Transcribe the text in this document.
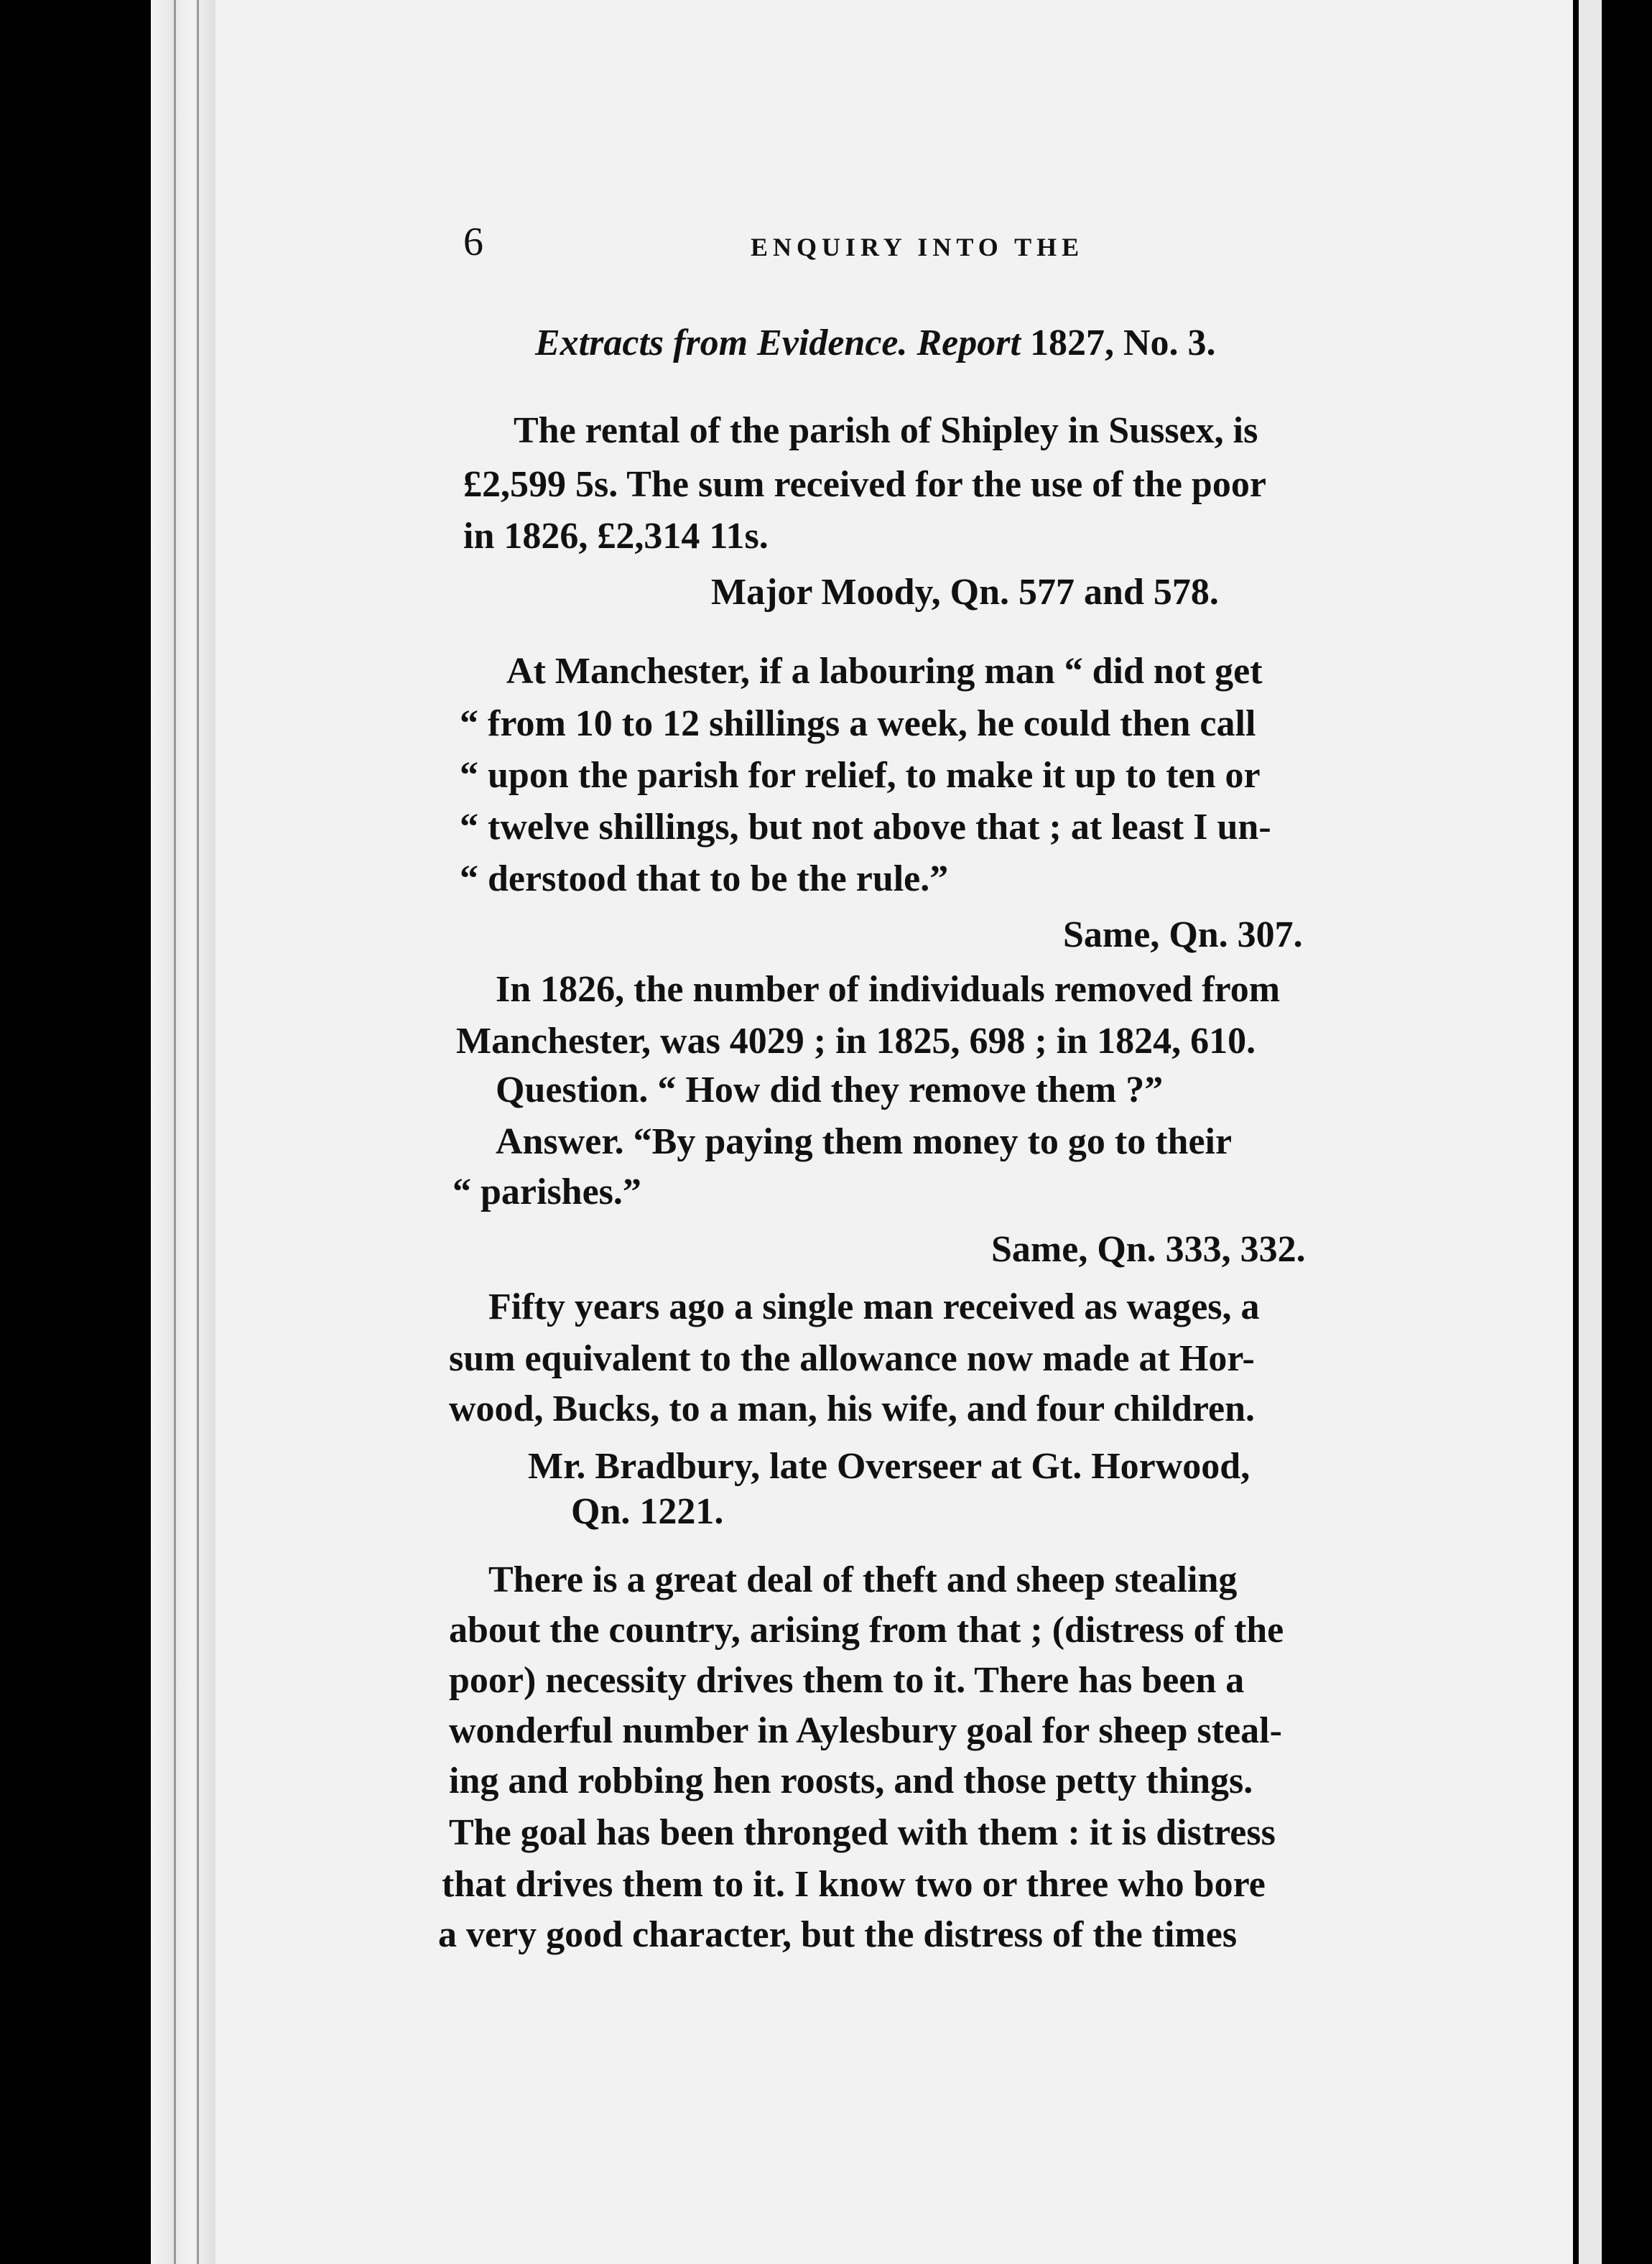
6	ENQUIRY INTO THE
Extracts from Evidence. Report 1827, No. 3.
The rental of the parish of Shipley in Sussex, is
£2,599 5s. The sum received for the use of the poor
in 1826, £2,314 11s.
Major Moody, Qn. 577 and 578.
At Manchester, if a labouring man “ did not get
“ from 10 to 12 shillings a week, he could then call
“ upon the parish for relief, to make it up to ten or
“ twelve shillings, but not above that ; at least I un-
“ derstood that to be the rule.”
Same, Qn. 307.
In 1826, the number of individuals removed from
Manchester, was 4029 ; in 1825, 698 ; in 1824, 610.
Question. “ How did they remove them ?”
Answer. “By paying them money to go to their
“ parishes.”
Same, Qn. 333, 332.
Fifty years ago a single man received as wages, a
sum equivalent to the allowance now made at Hor-
wood, Bucks, to a man, his wife, and four children.
Mr. Bradbury, late Overseer at Gt. Horwood,
Qn. 1221.
There is a great deal of theft and sheep stealing
about the country, arising from that ; (distress of the
poor) necessity drives them to it. There has been a
wonderful number in Aylesbury goal for sheep steal-
ing and robbing hen roosts, and those petty things.
The goal has been thronged with them : it is distress
that drives them to it. I know two or three who bore
a very good character, but the distress of the times
